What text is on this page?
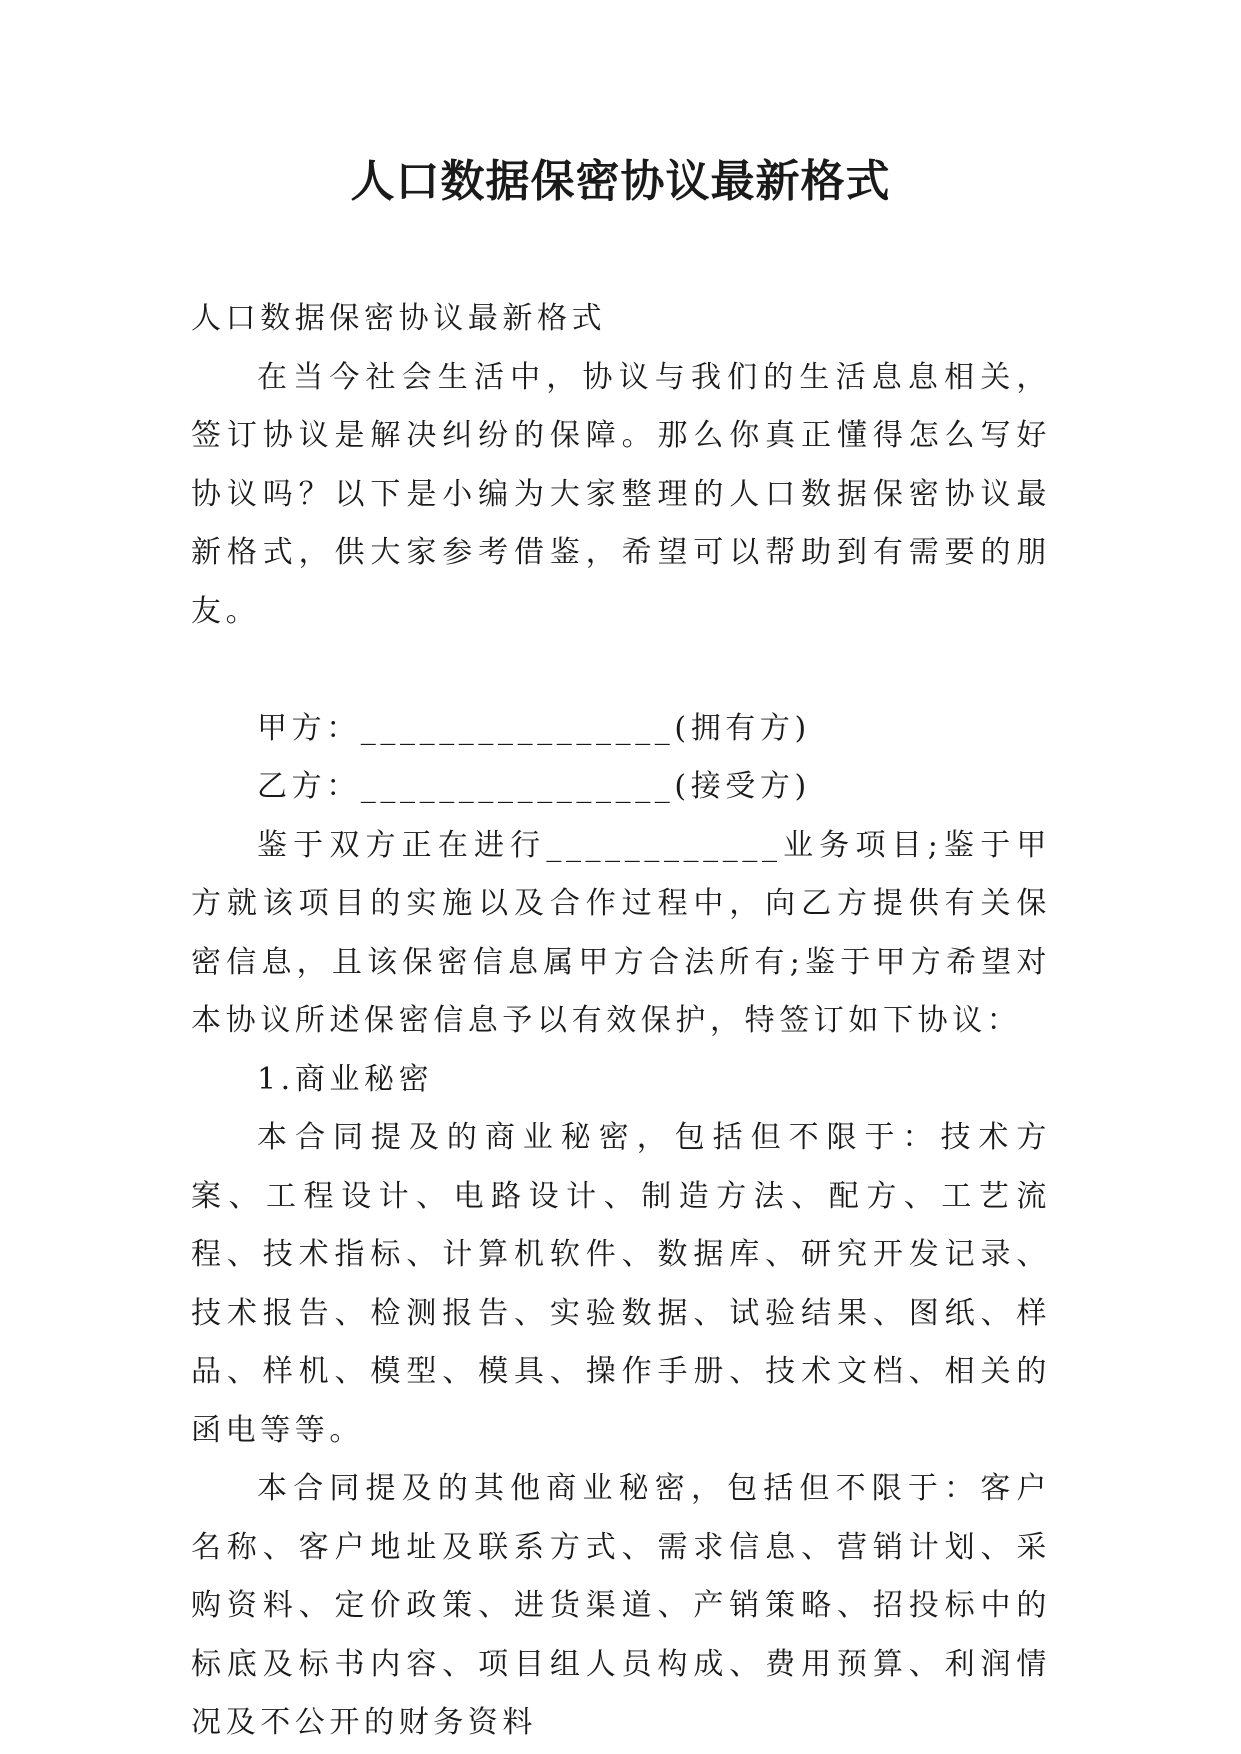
人口数据保密协议最新格式

人口数据保密协议最新格式

在当今社会生活中，协议与我们的生活息息相关，签订协议是解决纠纷的保障。那么你真正懂得怎么写好协议吗？以下是小编为大家整理的人口数据保密协议最新格式，供大家参考借鉴，希望可以帮助到有需要的朋友。

甲方：________________(拥有方)

乙方：________________(接受方)

鉴于双方正在进行____________业务项目;鉴于甲方就该项目的实施以及合作过程中，向乙方提供有关保密信息，且该保密信息属甲方合法所有;鉴于甲方希望对本协议所述保密信息予以有效保护，特签订如下协议：

1.商业秘密

本合同提及的商业秘密，包括但不限于：技术方案、工程设计、电路设计、制造方法、配方、工艺流程、技术指标、计算机软件、数据库、研究开发记录、技术报告、检测报告、实验数据、试验结果、图纸、样品、样机、模型、模具、操作手册、技术文档、相关的函电等等。

本合同提及的其他商业秘密，包括但不限于：客户名称、客户地址及联系方式、需求信息、营销计划、采购资料、定价政策、进货渠道、产销策略、招投标中的标底及标书内容、项目组人员构成、费用预算、利润情况及不公开的财务资料
